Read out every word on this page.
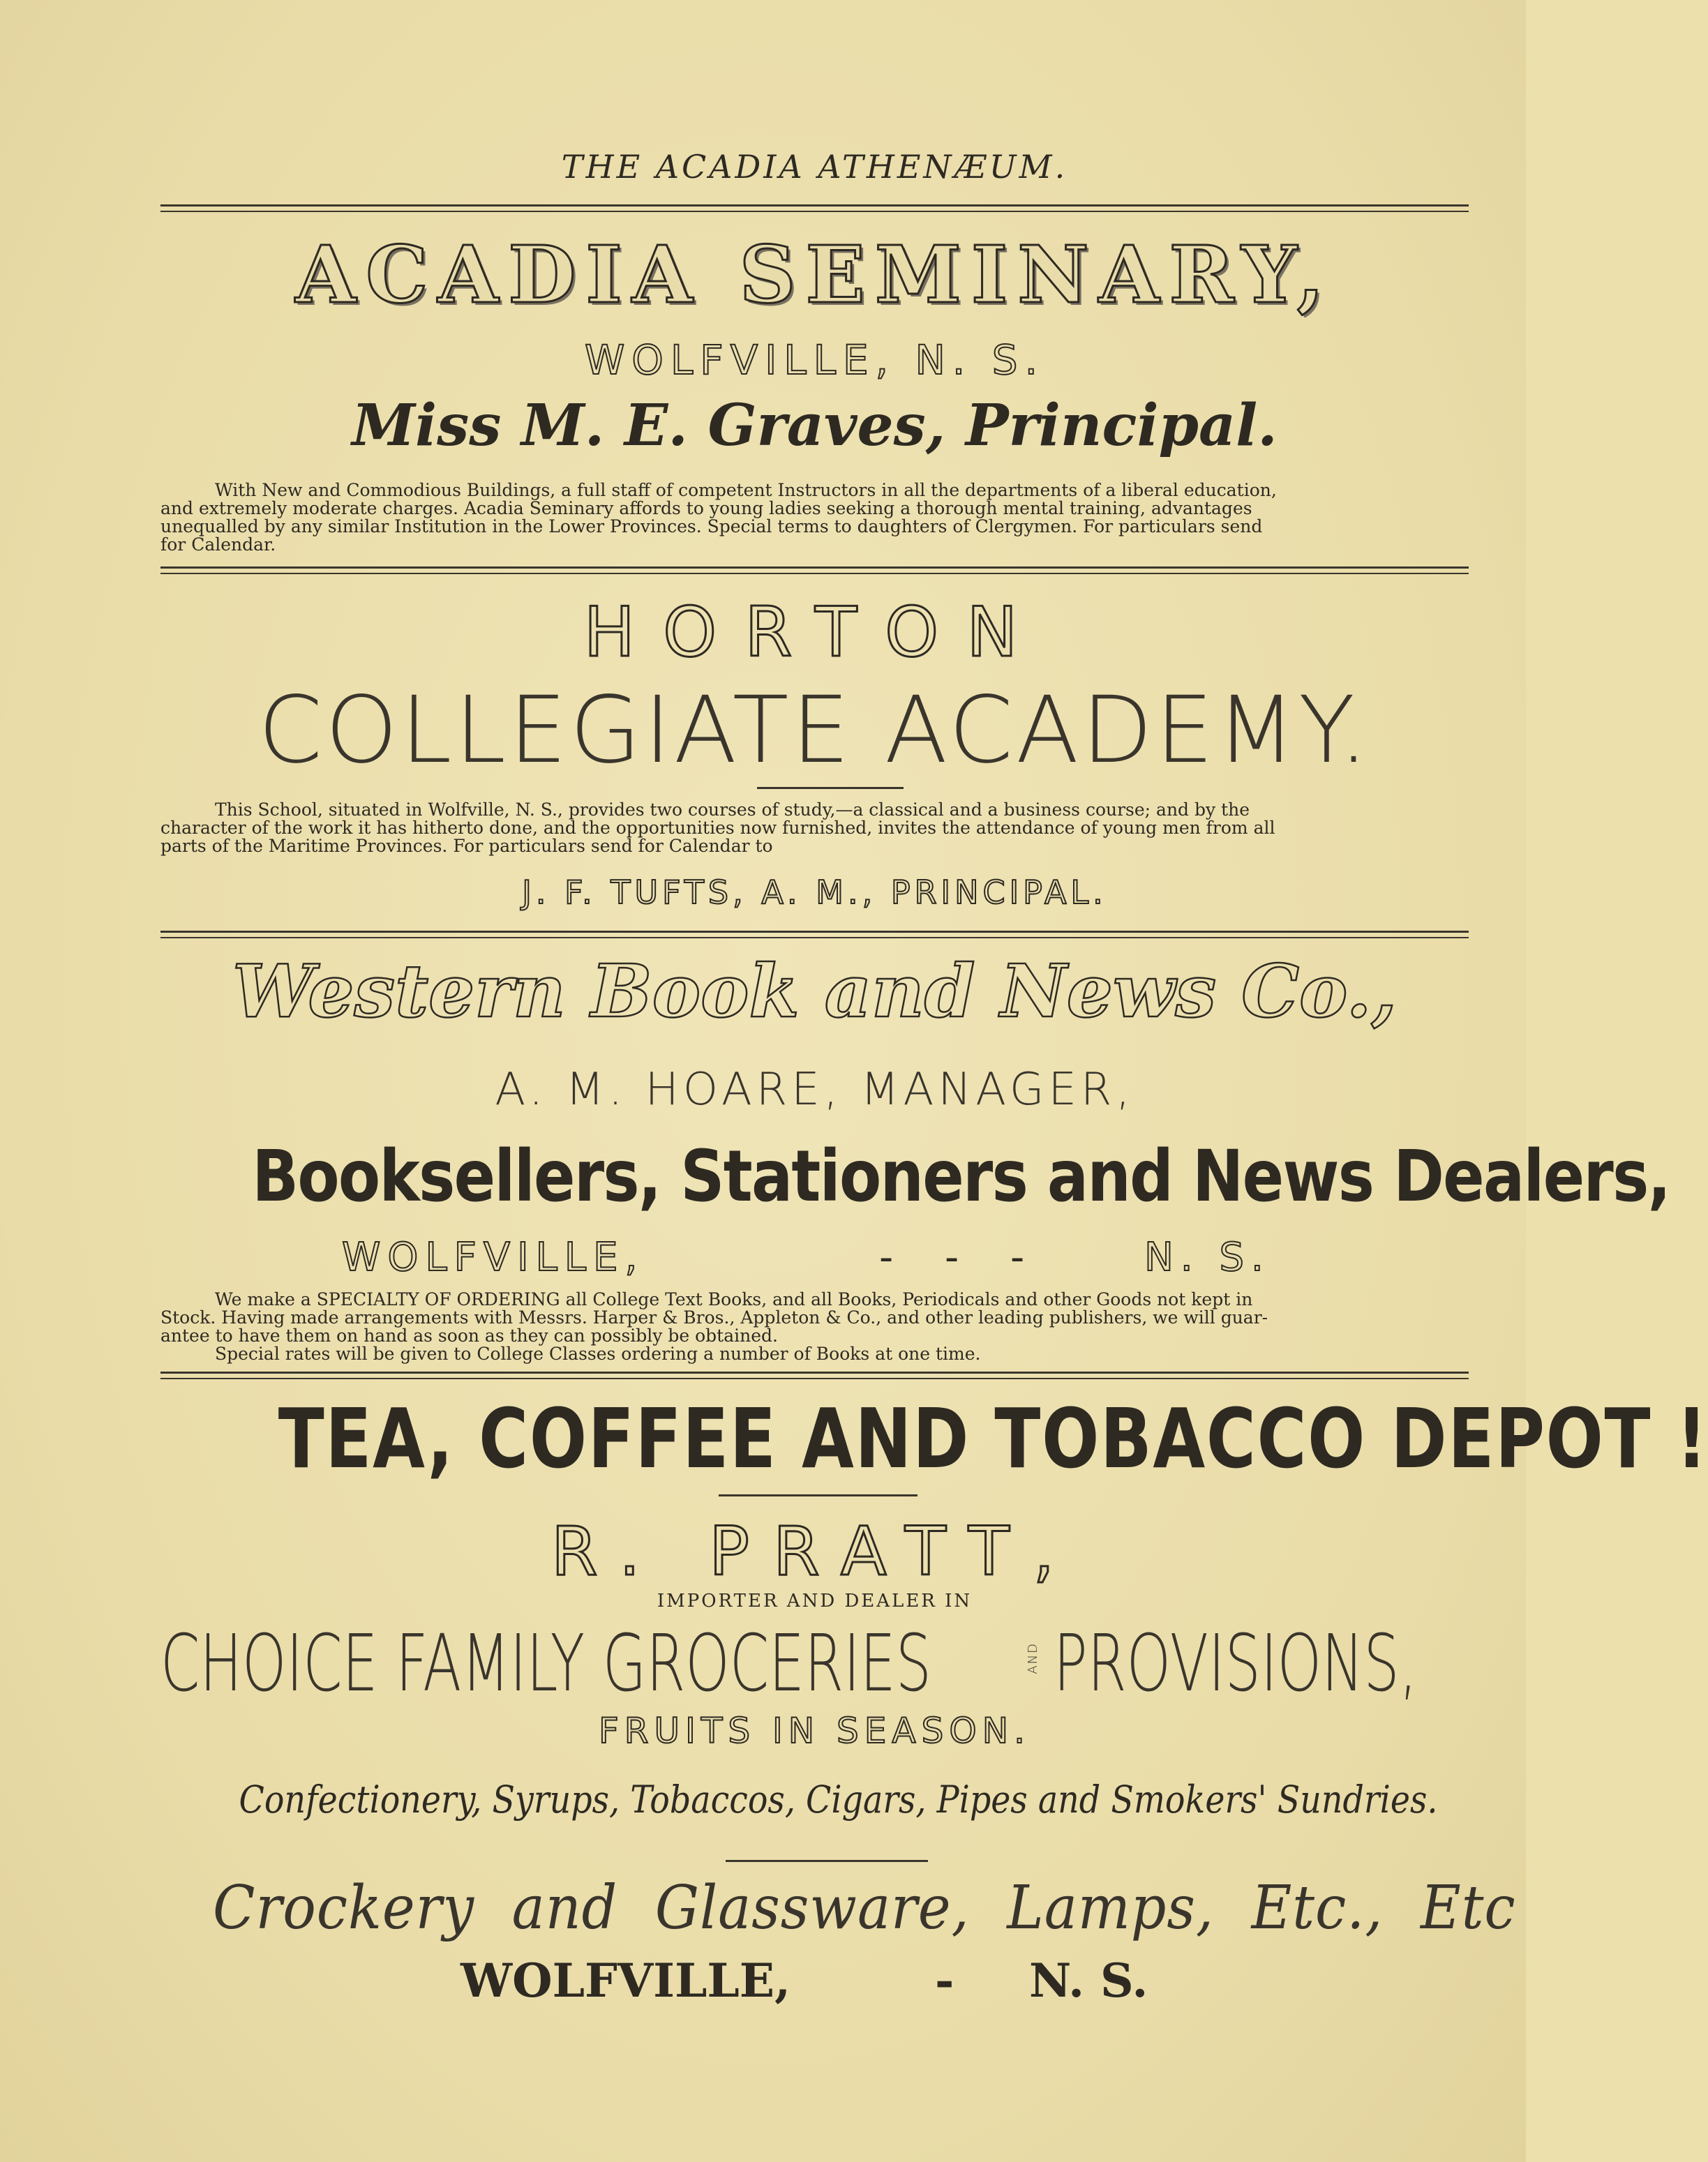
THE ACADIA ATHENÆUM.
ACADIA SEMINARY,
WOLFVILLE, N. S.
Miss M. E. Graves, Principal.
With New and Commodious Buildings, a full staff of competent Instructors in all the departments of a liberal education,
and extremely moderate charges. Acadia Seminary affords to young ladies seeking a thorough mental training, advantages
unequalled by any similar Institution in the Lower Provinces. Special terms to daughters of Clergymen. For particulars send
for Calendar.
HORTON
COLLEGIATE ACADEMY.
This School, situated in Wolfville, N. S., provides two courses of study,—a classical and a business course; and by the
character of the work it has hitherto done, and the opportunities now furnished, invites the attendance of young men from all
parts of the Maritime Provinces. For particulars send for Calendar to
J. F. TUFTS, A. M., PRINCIPAL.
Western Book and News Co.,
A. M. HOARE, MANAGER,
Booksellers, Stationers and News Dealers,
WOLFVILLE,	- - -	N. S.
We make a SPECIALTY OF ORDERING all College Text Books, and all Books, Periodicals and other Goods not kept in
Stock. Having made arrangements with Messrs. Harper & Bros., Appleton & Co., and other leading publishers, we will guar-
antee to have them on hand as soon as they can possibly be obtained.
Special rates will be given to College Classes ordering a number of Books at one time.
TEA, COFFEE AND TOBACCO DEPOT !
R. PRATT,
IMPORTER AND DEALER IN
CHOICE FAMILY GROCERIES	AND PROVISIONS,
FRUITS IN SEASON.
Confectionery, Syrups, Tobaccos, Cigars, Pipes and Smokers' Sundries.
Crockery and Glassware, Lamps, Etc., Etc
WOLFVILLE,	- N. S.
